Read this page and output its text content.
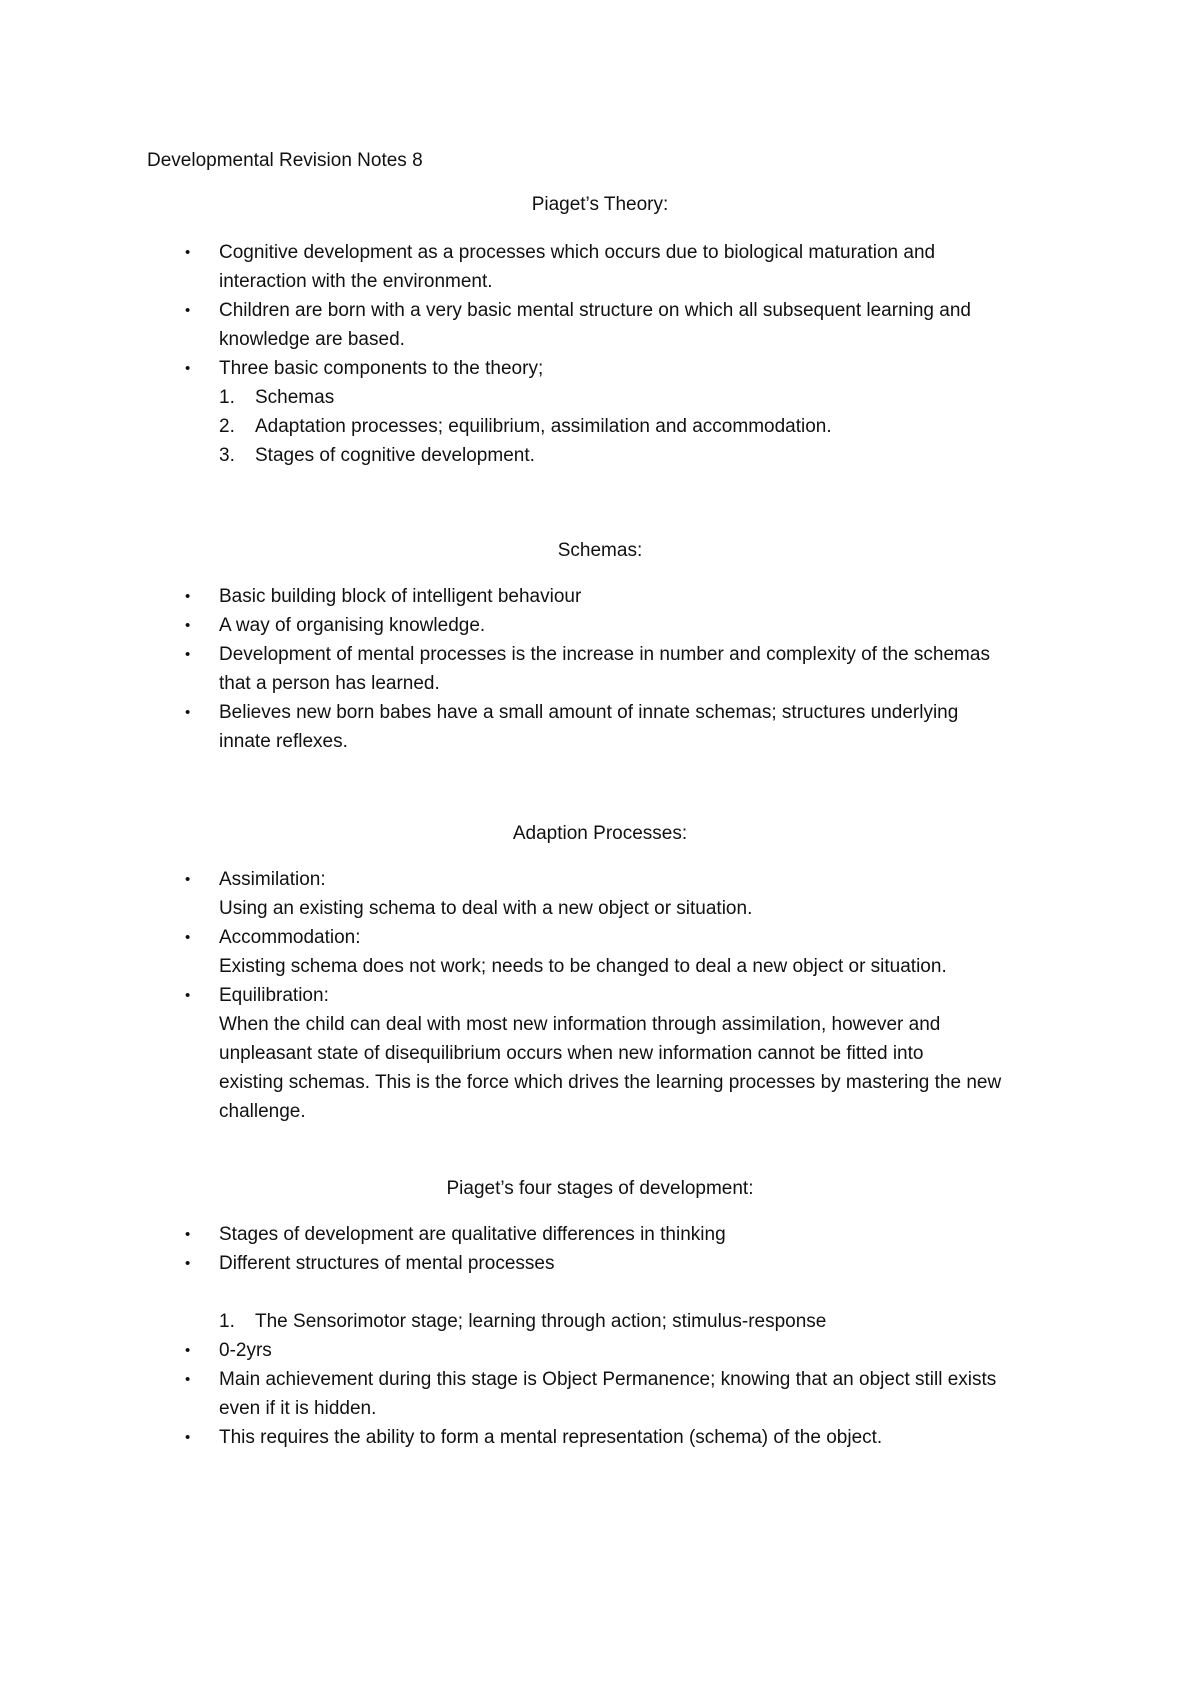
Developmental Revision Notes 8
Piaget’s Theory:
• Cognitive development as a processes which occurs due to biological maturation and
interaction with the environment.
• Children are born with a very basic mental structure on which all subsequent learning and
knowledge are based.
• Three basic components to the theory;
1. Schemas
2. Adaptation processes; equilibrium, assimilation and accommodation.
3. Stages of cognitive development.
Schemas:
• Basic building block of intelligent behaviour
• A way of organising knowledge.
• Development of mental processes is the increase in number and complexity of the schemas
that a person has learned.
• Believes new born babes have a small amount of innate schemas; structures underlying
innate reflexes.
Adaption Processes:
• Assimilation:
Using an existing schema to deal with a new object or situation.
• Accommodation:
Existing schema does not work; needs to be changed to deal a new object or situation.
• Equilibration:
When the child can deal with most new information through assimilation, however and
unpleasant state of disequilibrium occurs when new information cannot be fitted into
existing schemas. This is the force which drives the learning processes by mastering the new
challenge.
Piaget’s four stages of development:
• Stages of development are qualitative differences in thinking
• Different structures of mental processes
1. The Sensorimotor stage; learning through action; stimulus-response
• 0-2yrs
• Main achievement during this stage is Object Permanence; knowing that an object still exists
even if it is hidden.
• This requires the ability to form a mental representation (schema) of the object.
